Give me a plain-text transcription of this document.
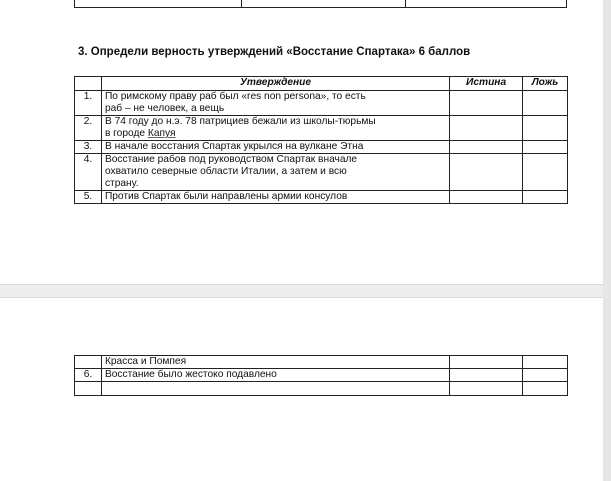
3. Определи верность утверждений «Восстание Спартака» 6 баллов
	Утверждение	Истина	Ложь
1.	По римскому праву раб был «res non persona», то есть
раб – не человек, а вещь		

2.	В 74 году до н.э. 78 патрициев бежали из школы-тюрьмы
в городе Капуя		

3.	В начале восстания Спартак укрылся на вулкане Этна		

4.	Восстание рабов под руководством Спартак вначале
охватило северные области Италии, а затем и всю
страну.		

5.	Против Спартак были направлены армии консулов		

	Красса и Помпея		
6.	Восстание было жестоко подавлено		
